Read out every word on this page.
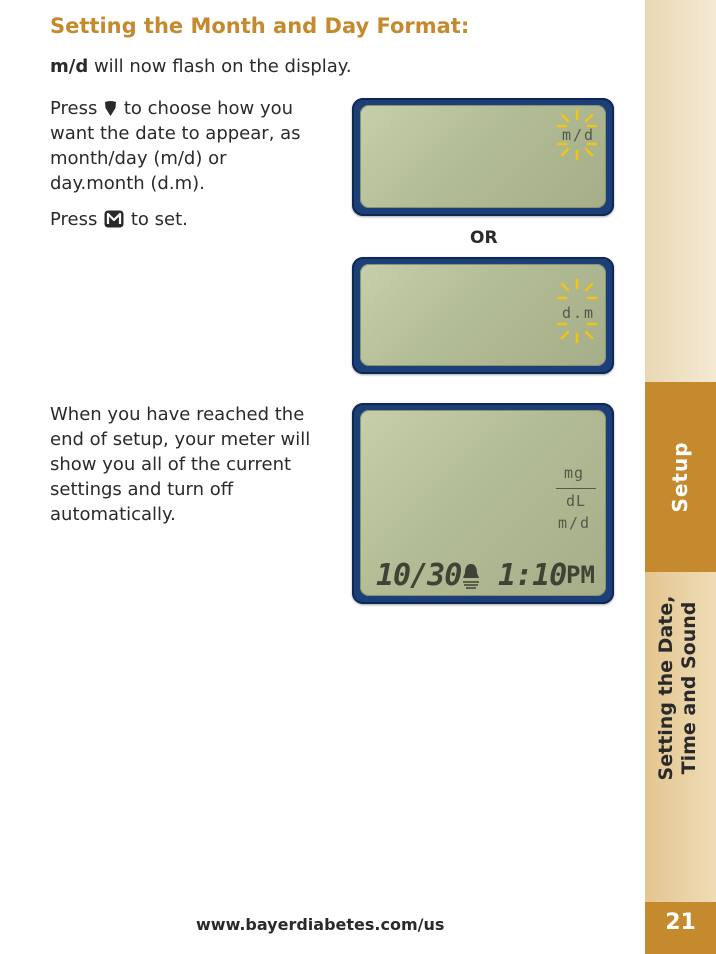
Setting the Month and Day Format:
m/d will now flash on the display.
Press to choose how you want the date to appear, as month/day (m/d) or day.month (d.m).
Press to set.
m/d
OR
d.m
When you have reached the end of setup, your meter will show you all of the current settings and turn off automatically.
mg
dL
m/d
10/30 1:10 PM
www.bayerdiabetes.com/us
Setup
Setting the Date, Time and Sound
21
